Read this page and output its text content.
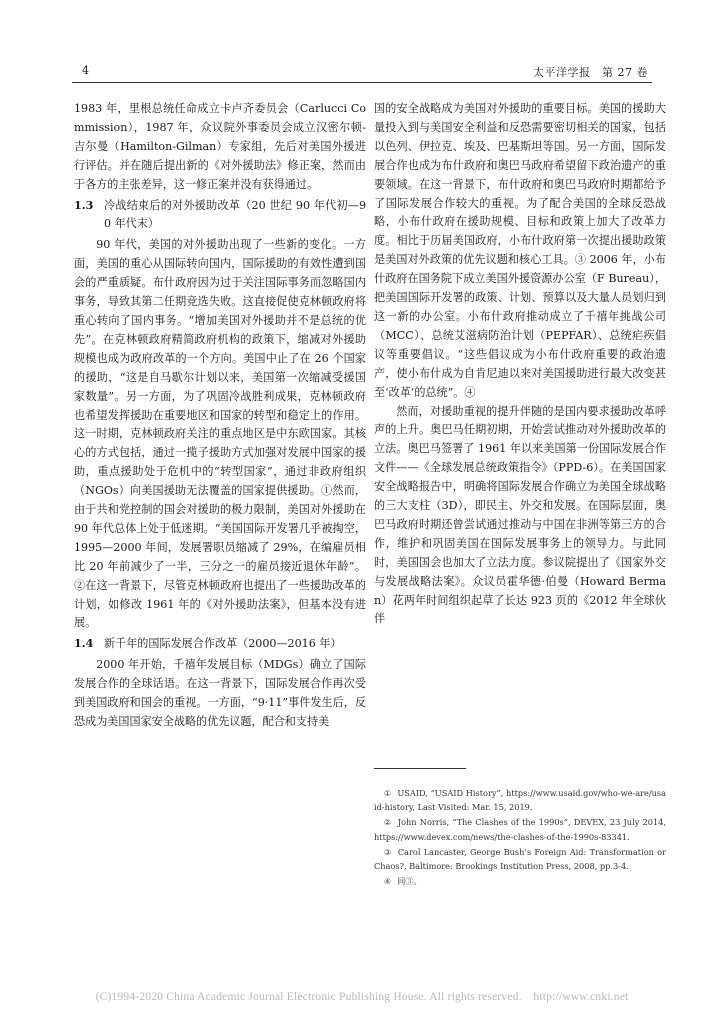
4	太平洋学报　第 27 卷

1983 年，里根总统任命成立卡卢齐委员会（Carlucci Commission），1987 年，众议院外事委员会成立汉密尔顿-吉尔曼（Hamilton-Gilman）专家组，先后对美国外援进行评估。并在随后提出新的《对外援助法》修正案，然而由于各方的主张差异，这一修正案并没有获得通过。

1.3 冷战结束后的对外援助改革（20 世纪 90 年代初—90 年代末）

90 年代，美国的对外援助出现了一些新的变化。一方面，美国的重心从国际转向国内，国际援助的有效性遭到国会的严重质疑。布什政府因为过于关注国际事务而忽略国内事务，导致其第二任期竞选失败。这直接促使克林顿政府将重心转向了国内事务。“增加美国对外援助并不是总统的优先”。在克林顿政府精简政府机构的政策下，缩减对外援助规模也成为政府改革的一个方向。美国中止了在 26 个国家的援助，“这是自马歇尔计划以来，美国第一次缩减受援国家数量”。另一方面，为了巩固冷战胜利成果，克林顿政府也希望发挥援助在重要地区和国家的转型和稳定上的作用。这一时期，克林顿政府关注的重点地区是中东欧国家。其核心的方式包括，通过一揽子援助方式加强对发展中国家的援助，重点援助处于危机中的“转型国家”，通过非政府组织（NGOs）向美国援助无法覆盖的国家提供援助。①然而，由于共和党控制的国会对援助的极力限制，美国对外援助在 90 年代总体上处于低迷期。“美国国际开发署几乎被掏空，1995—2000 年间，发展署职员缩减了 29%，在编雇员相比 20 年前减少了一半，三分之一的雇员接近退休年龄”。②在这一背景下，尽管克林顿政府也提出了一些援助改革的计划，如修改 1961 年的《对外援助法案》，但基本没有进展。

1.4 新千年的国际发展合作改革（2000—2016 年）

2000 年开始，千禧年发展目标（MDGs）确立了国际发展合作的全球话语。在这一背景下，国际发展合作再次受到美国政府和国会的重视。一方面，“9·11”事件发生后，反恐成为美国国家安全战略的优先议题，配合和支持美

国的安全战略成为美国对外援助的重要目标。美国的援助大量投入到与美国安全利益和反恐需要密切相关的国家，包括以色列、伊拉克、埃及、巴基斯坦等国。另一方面，国际发展合作也成为布什政府和奥巴马政府希望留下政治遗产的重要领域。在这一背景下，布什政府和奥巴马政府时期都给予了国际发展合作较大的重视。为了配合美国的全球反恐战略，小布什政府在援助规模、目标和政策上加大了改革力度。相比于历届美国政府，小布什政府第一次提出援助政策是美国对外政策的优先议题和核心工具。③ 2006 年，小布什政府在国务院下成立美国外援资源办公室（F Bureau），把美国国际开发署的政策、计划、预算以及大量人员划归到这一新的办公室。小布什政府推动成立了千禧年挑战公司（MCC）、总统艾滋病防治计划（PEPFAR）、总统疟疾倡议等重要倡议。“这些倡议成为小布什政府重要的政治遗产，使小布什成为自肯尼迪以来对美国援助进行最大改变甚至‘改革’的总统”。④

然而，对援助重视的提升伴随的是国内要求援助改革呼声的上升。奥巴马任期初期，开始尝试推动对外援助改革的立法。奥巴马签署了 1961 年以来美国第一份国际发展合作文件——《全球发展总统政策指令》（PPD-6）。在美国国家安全战略报告中，明确将国际发展合作确立为美国全球战略的三大支柱（3D），即民主、外交和发展。在国际层面，奥巴马政府时期还曾尝试通过推动与中国在非洲等第三方的合作，维护和巩固美国在国际发展事务上的领导力。与此同时，美国国会也加大了立法力度。参议院提出了《国家外交与发展战略法案》。众议员霍华德·伯曼（Howard Berman）花两年时间组织起草了长达 923 页的《2012 年全球伙伴

① USAID, “USAID History”, https://www.usaid.gov/who-we-are/usaid-history, Last Visited: Mar. 15, 2019.

② John Norris, “The Clashes of the 1990s”, DEVEX, 23 July 2014, https://www.devex.com/news/the-clashes-of-the-1990s-83341.

③ Carol Lancaster, George Bush’s Foreign Aid: Transformation or Chaos?, Baltimore: Brookings Institution Press, 2008, pp.3-4.

④ 同③。

(C)1994-2020 China Academic Journal Electronic Publishing House. All rights reserved.　http://www.cnki.net
